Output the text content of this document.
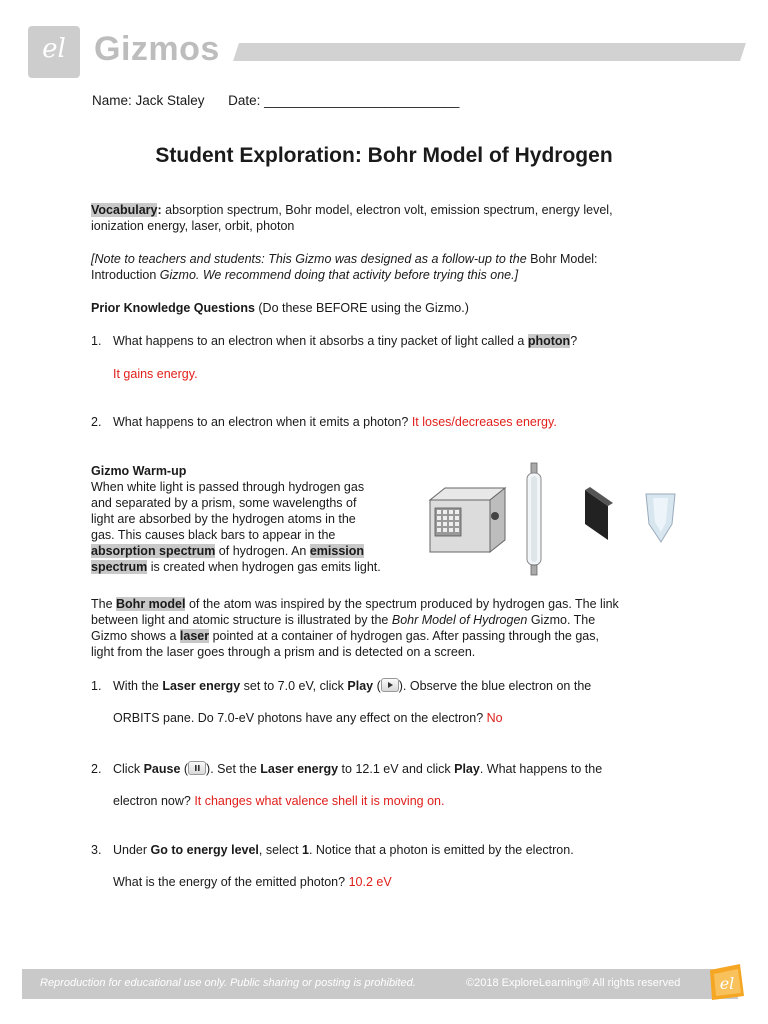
el Gizmos
Name: Jack Staley Date: __________________________
Student Exploration: Bohr Model of Hydrogen
Vocabulary: absorption spectrum, Bohr model, electron volt, emission spectrum, energy level,
ionization energy, laser, orbit, photon
[Note to teachers and students: This Gizmo was designed as a follow-up to the Bohr Model:
Introduction Gizmo. We recommend doing that activity before trying this one.]
Prior Knowledge Questions (Do these BEFORE using the Gizmo.)
1. What happens to an electron when it absorbs a tiny packet of light called a photon?
It gains energy.
2. What happens to an electron when it emits a photon? It loses/decreases energy.
Gizmo Warm-up
When white light is passed through hydrogen gas
and separated by a prism, some wavelengths of
light are absorbed by the hydrogen atoms in the
gas. This causes black bars to appear in the
absorption spectrum of hydrogen. An emission
spectrum is created when hydrogen gas emits light.
The Bohr model of the atom was inspired by the spectrum produced by hydrogen gas. The link
between light and atomic structure is illustrated by the Bohr Model of Hydrogen Gizmo. The
Gizmo shows a laser pointed at a container of hydrogen gas. After passing through the gas,
light from the laser goes through a prism and is detected on a screen.
1. With the Laser energy set to 7.0 eV, click Play ( ). Observe the blue electron on the
ORBITS pane. Do 7.0-eV photons have any effect on the electron? No
2. Click Pause ( ). Set the Laser energy to 12.1 eV and click Play. What happens to the
electron now? It changes what valence shell it is moving on.
3. Under Go to energy level, select 1. Notice that a photon is emitted by the electron.
What is the energy of the emitted photon? 10.2 eV
Reproduction for educational use only. Public sharing or posting is prohibited.	©2018 ExploreLearning® All rights reserved el
